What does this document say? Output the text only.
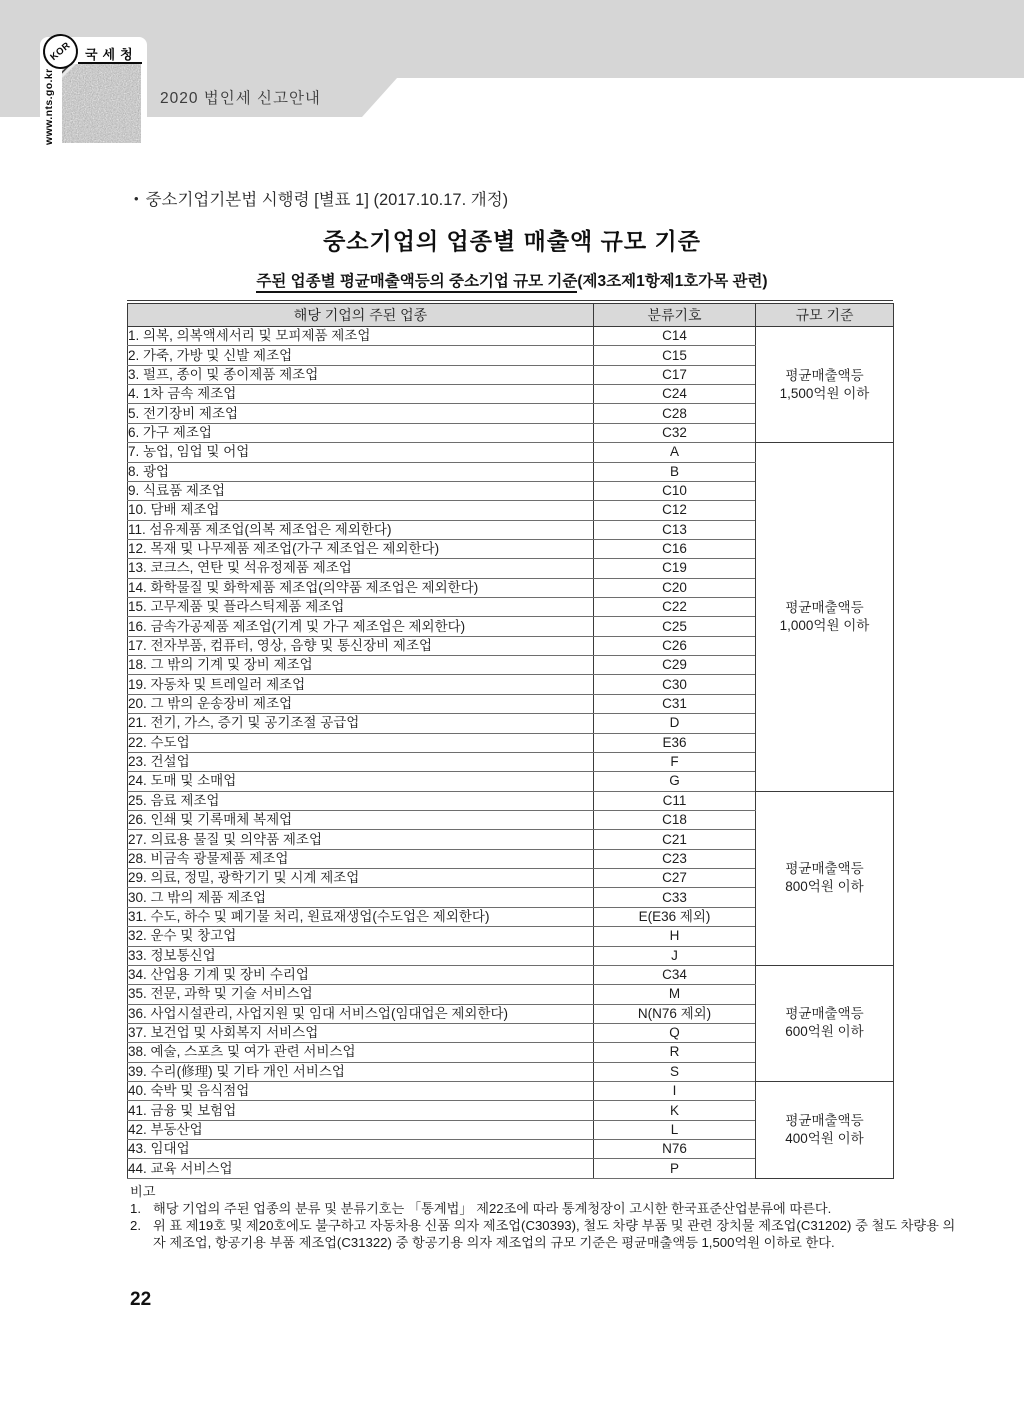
2020 법인세 신고안내
KOR 국세청
www.nts.go.kr
• 중소기업기본법 시행령 [별표 1] (2017.10.17. 개정)
중소기업의 업종별 매출액 규모 기준
주된 업종별 평균매출액등의 중소기업 규모 기준(제3조제1항제1호가목 관련)
해당 기업의 주된 업종	분류기호	규모 기준
1. 의복, 의복액세서리 및 모피제품 제조업	C14	평균매출액등
1,500억원 이하

2. 가죽, 가방 및 신발 제조업	C15	
3. 펄프, 종이 및 종이제품 제조업	C17	
4. 1차 금속 제조업	C24	
5. 전기장비 제조업	C28	
6. 가구 제조업	C32	
7. 농업, 임업 및 어업	A	평균매출액등
1,000억원 이하

8. 광업	B	
9. 식료품 제조업	C10	
10. 담배 제조업	C12	
11. 섬유제품 제조업(의복 제조업은 제외한다)	C13	
12. 목재 및 나무제품 제조업(가구 제조업은 제외한다)	C16	
13. 코크스, 연탄 및 석유정제품 제조업	C19	
14. 화학물질 및 화학제품 제조업(의약품 제조업은 제외한다)	C20	
15. 고무제품 및 플라스틱제품 제조업	C22	
16. 금속가공제품 제조업(기계 및 가구 제조업은 제외한다)	C25	
17. 전자부품, 컴퓨터, 영상, 음향 및 통신장비 제조업	C26	
18. 그 밖의 기계 및 장비 제조업	C29	
19. 자동차 및 트레일러 제조업	C30	
20. 그 밖의 운송장비 제조업	C31	
21. 전기, 가스, 증기 및 공기조절 공급업	D	
22. 수도업	E36	
23. 건설업	F	
24. 도매 및 소매업	G	
25. 음료 제조업	C11	평균매출액등
800억원 이하

26. 인쇄 및 기록매체 복제업	C18	
27. 의료용 물질 및 의약품 제조업	C21	
28. 비금속 광물제품 제조업	C23	
29. 의료, 정밀, 광학기기 및 시계 제조업	C27	
30. 그 밖의 제품 제조업	C33	
31. 수도, 하수 및 폐기물 처리, 원료재생업(수도업은 제외한다)	E(E36 제외)	
32. 운수 및 창고업	H	
33. 정보통신업	J	
34. 산업용 기계 및 장비 수리업	C34	평균매출액등
600억원 이하

35. 전문, 과학 및 기술 서비스업	M	
36. 사업시설관리, 사업지원 및 임대 서비스업(임대업은 제외한다)	N(N76 제외)	
37. 보건업 및 사회복지 서비스업	Q	
38. 예술, 스포츠 및 여가 관련 서비스업	R	
39. 수리(修理) 및 기타 개인 서비스업	S	
40. 숙박 및 음식점업	I	평균매출액등
400억원 이하

41. 금융 및 보험업	K	
42. 부동산업	L	
43. 임대업	N76	
44. 교육 서비스업	P	
비고
1. 해당 기업의 주된 업종의 분류 및 분류기호는 「통계법」 제22조에 따라 통계청장이 고시한 한국표준산업분류에 따른다.
2. 위 표 제19호 및 제20호에도 불구하고 자동차용 신품 의자 제조업(C30393), 철도 차량 부품 및 관련 장치물 제조업(C31202) 중 철도 차량용 의자 제조업, 항공기용 부품 제조업(C31322) 중 항공기용 의자 제조업의 규모 기준은 평균매출액등 1,500억원 이하로 한다.
22
